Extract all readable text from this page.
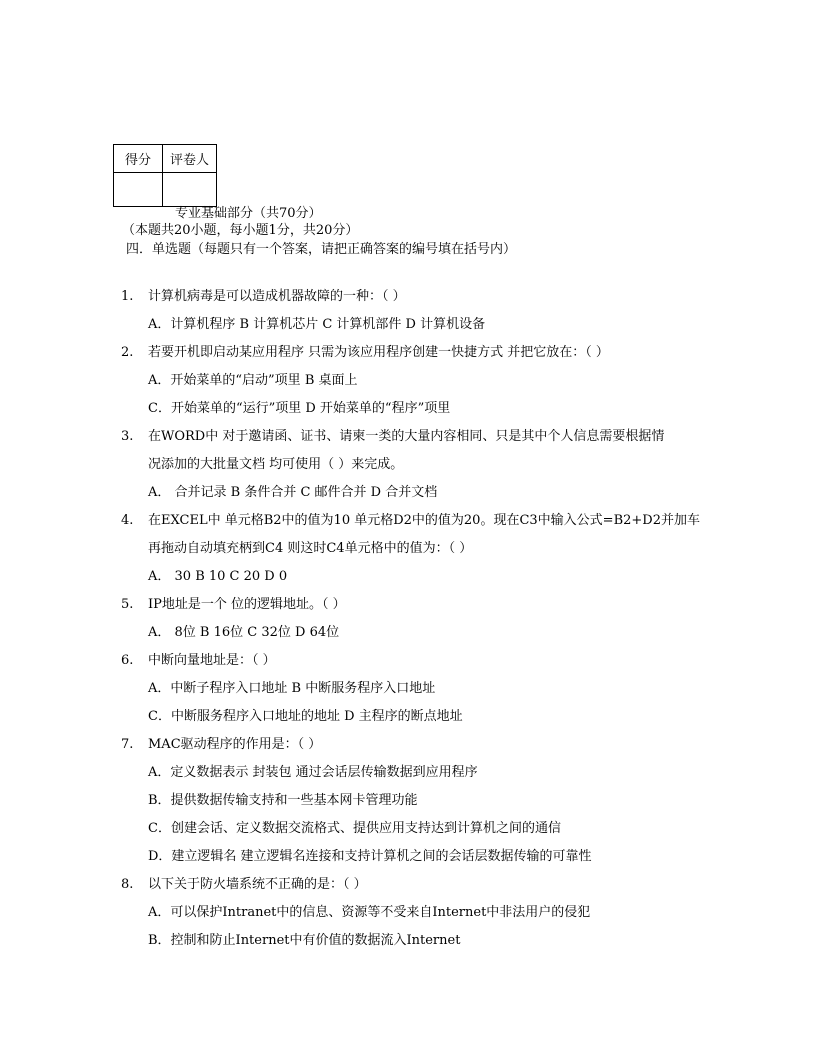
得分	评卷人

专业基础部分（共70分）
（本题共20小题，每小题1分，共20分）
四．单选题（每题只有一个答案，请把正确答案的编号填在括号内）
1. 计算机病毒是可以造成机器故障的一种：（ ）
A．计算机程序 B 计算机芯片 C 计算机部件 D 计算机设备
2. 若要开机即启动某应用程序 只需为该应用程序创建一快捷方式 并把它放在：（ ）
A．开始菜单的“启动”项里 B 桌面上
C．开始菜单的“运行”项里 D 开始菜单的“程序”项里
3. 在WORD中 对于邀请函、证书、请柬一类的大量内容相同、只是其中个人信息需要根据情
况添加的大批量文档 均可使用（ ）来完成。
A． 合并记录 B 条件合并 C 邮件合并 D 合并文档
4. 在EXCEL中 单元格B2中的值为10 单元格D2中的值为20。现在C3中输入公式=B2+D2并加车
再拖动自动填充柄到C4 则这时C4单元格中的值为：（ ）
A． 30 B 10 C 20 D 0
5. IP地址是一个 位的逻辑地址。（ ）
A． 8位 B 16位 C 32位 D 64位
6. 中断向量地址是：（ ）
A．中断子程序入口地址 B 中断服务程序入口地址
C．中断服务程序入口地址的地址 D 主程序的断点地址
7. MAC驱动程序的作用是：（ ）
A．定义数据表示 封装包 通过会话层传输数据到应用程序
B．提供数据传输支持和一些基本网卡管理功能
C．创建会话、定义数据交流格式、提供应用支持达到计算机之间的通信
D．建立逻辑名 建立逻辑名连接和支持计算机之间的会话层数据传输的可靠性
8. 以下关于防火墙系统不正确的是：（ ）
A．可以保护Intranet中的信息、资源等不受来自Internet中非法用户的侵犯
B．控制和防止Internet中有价值的数据流入Internet
